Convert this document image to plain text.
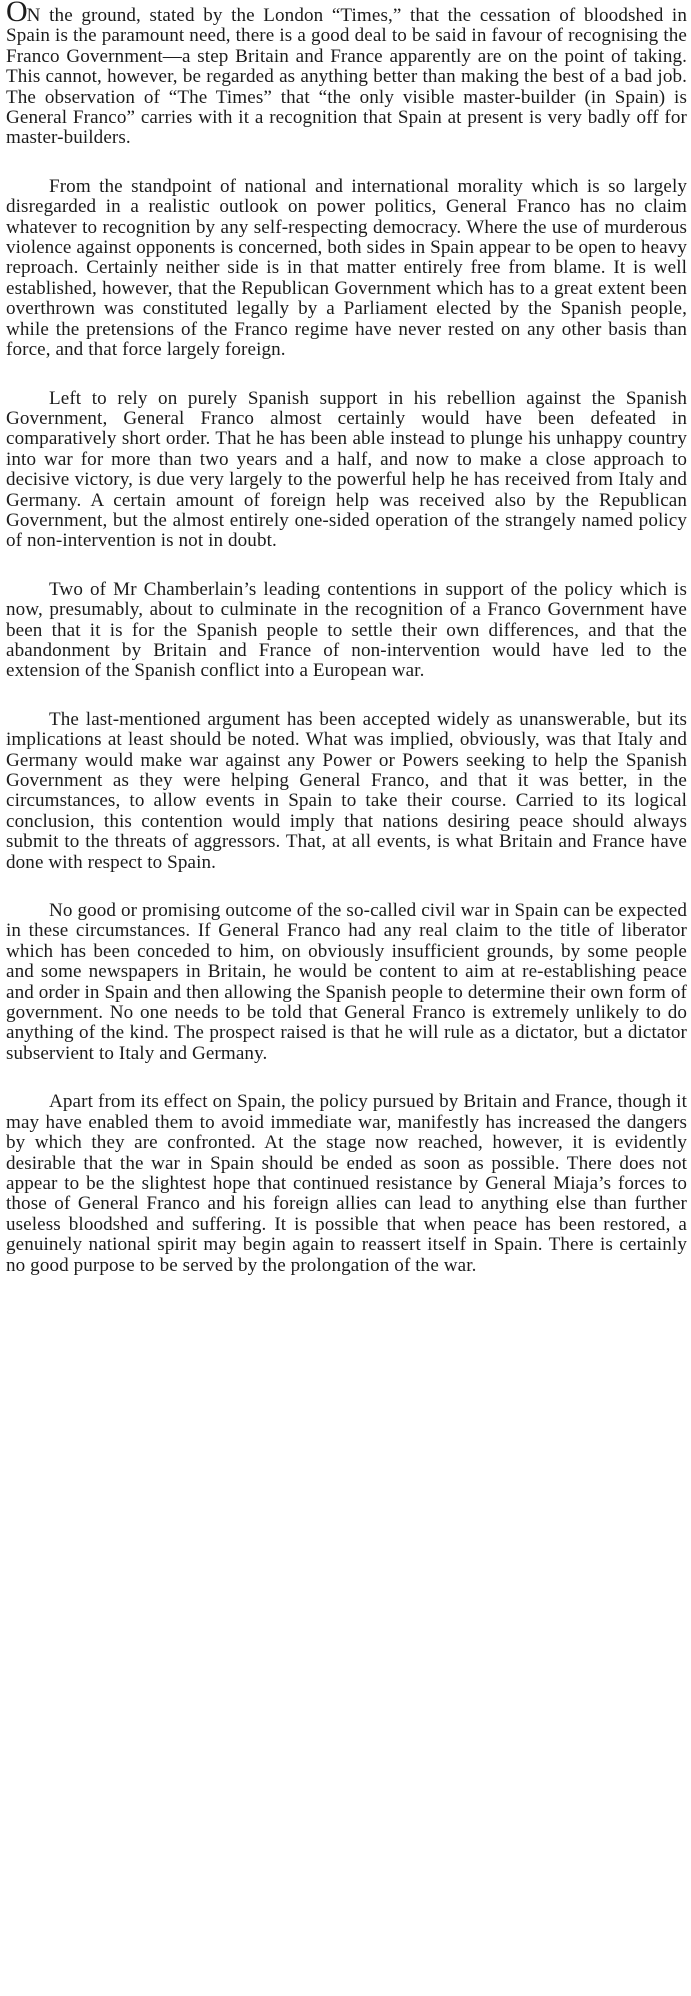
ON the ground, stated by the London “Times,” that the cessation of bloodshed in Spain is the paramount need, there is a good deal to be said in favour of recognising the Franco Government—a step Britain and France apparently are on the point of taking. This cannot, however, be regarded as anything better than making the best of a bad job. The observation of “The Times” that “the only visible master-builder (in Spain) is General Franco” carries with it a recognition that Spain at present is very badly off for master-builders.

From the standpoint of national and international morality which is so largely disregarded in a realistic outlook on power politics, General Franco has no claim whatever to recognition by any self-respecting democracy. Where the use of murderous violence against opponents is concerned, both sides in Spain appear to be open to heavy reproach. Certainly neither side is in that matter entirely free from blame. It is well established, however, that the Republican Government which has to a great extent been overthrown was constituted legally by a Parliament elected by the Spanish people, while the pretensions of the Franco regime have never rested on any other basis than force, and that force largely foreign.

Left to rely on purely Spanish support in his rebellion against the Spanish Government, General Franco almost certainly would have been defeated in comparatively short order. That he has been able instead to plunge his unhappy country into war for more than two years and a half, and now to make a close approach to decisive victory, is due very largely to the powerful help he has received from Italy and Germany. A certain amount of foreign help was received also by the Republican Government, but the almost entirely one-sided operation of the strangely named policy of non-intervention is not in doubt.

Two of Mr Chamberlain’s leading contentions in support of the policy which is now, presumably, about to culminate in the recognition of a Franco Government have been that it is for the Spanish people to settle their own differences, and that the abandonment by Britain and France of non-intervention would have led to the extension of the Spanish conflict into a European war.

The last-mentioned argument has been accepted widely as unanswerable, but its implications at least should be noted. What was implied, obviously, was that Italy and Germany would make war against any Power or Powers seeking to help the Spanish Government as they were helping General Franco, and that it was better, in the circumstances, to allow events in Spain to take their course. Carried to its logical conclusion, this contention would imply that nations desiring peace should always submit to the threats of aggressors. That, at all events, is what Britain and France have done with respect to Spain.

No good or promising outcome of the so-called civil war in Spain can be expected in these circumstances. If General Franco had any real claim to the title of liberator which has been conceded to him, on obviously insufficient grounds, by some people and some newspapers in Britain, he would be content to aim at re-establishing peace and order in Spain and then allowing the Spanish people to determine their own form of government. No one needs to be told that General Franco is extremely unlikely to do anything of the kind. The prospect raised is that he will rule as a dictator, but a dictator subservient to Italy and Germany.

Apart from its effect on Spain, the policy pursued by Britain and France, though it may have enabled them to avoid immediate war, manifestly has increased the dangers by which they are confronted. At the stage now reached, however, it is evidently desirable that the war in Spain should be ended as soon as possible. There does not appear to be the slightest hope that continued resistance by General Miaja’s forces to those of General Franco and his foreign allies can lead to anything else than further useless bloodshed and suffering. It is possible that when peace has been restored, a genuinely national spirit may begin again to reassert itself in Spain. There is certainly no good purpose to be served by the prolongation of the war.
